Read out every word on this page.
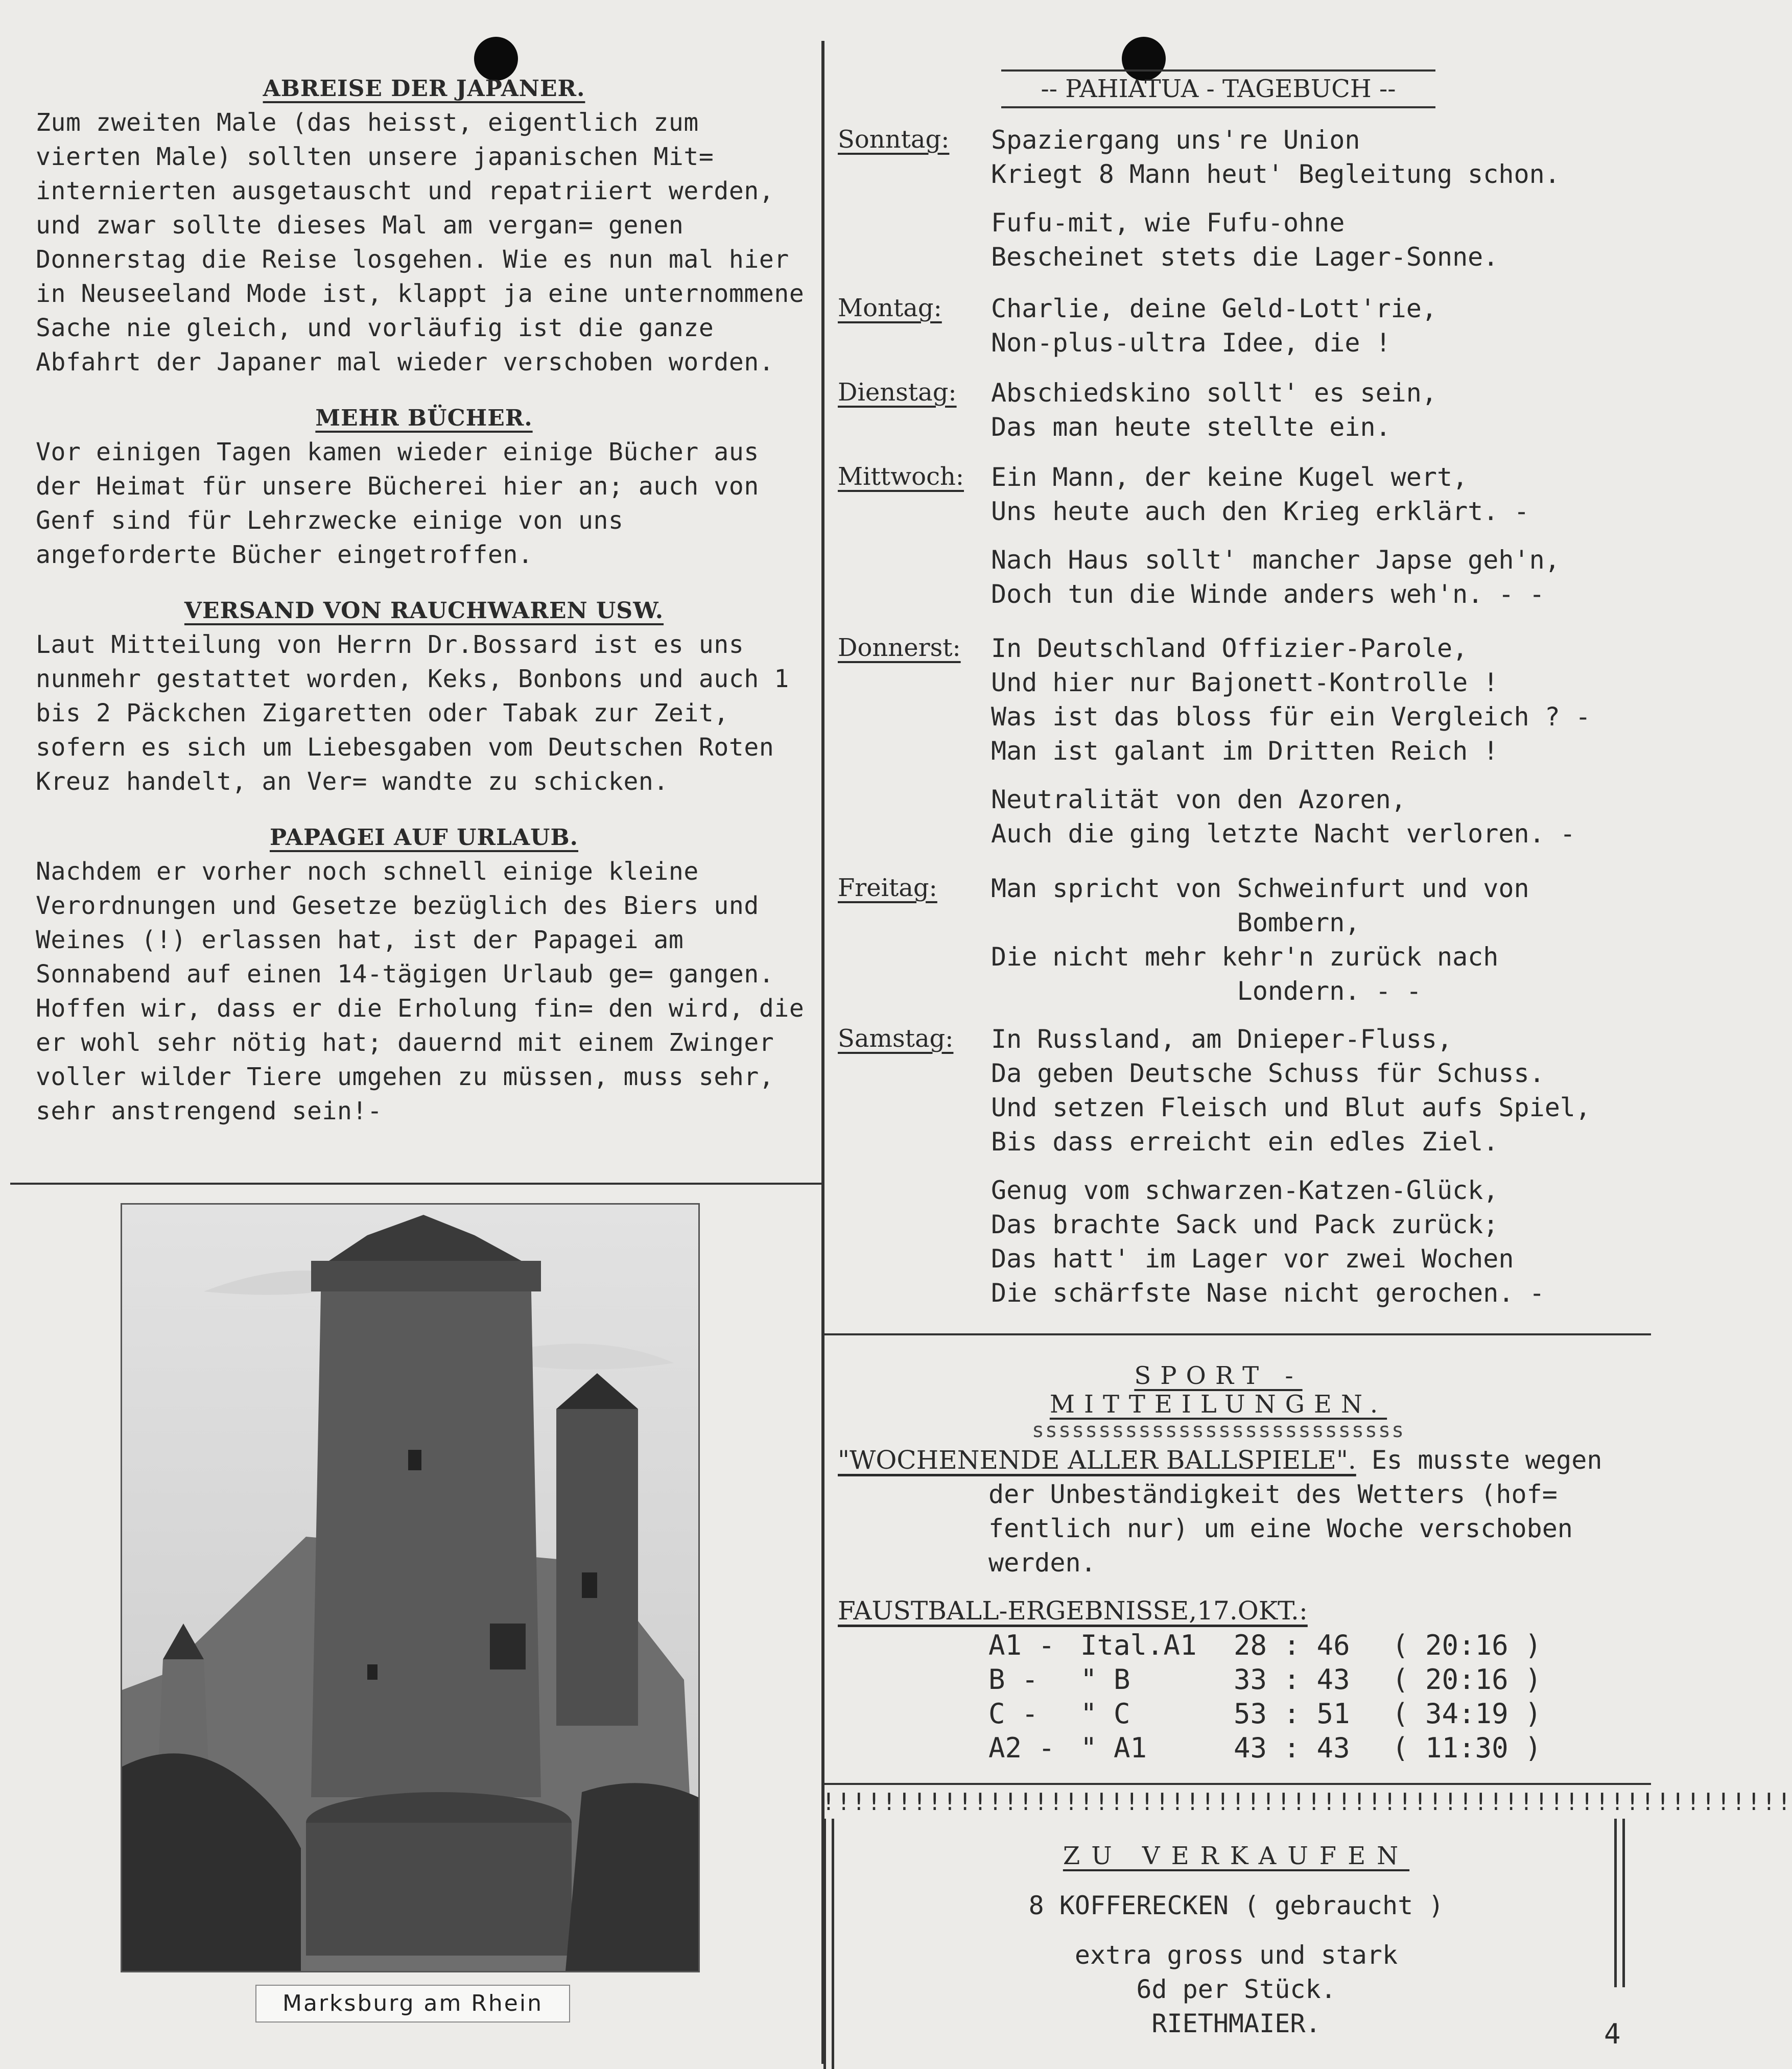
ABREISE DER JAPANER.

Zum zweiten Male (das heisst, eigentlich zum vierten Male) sollten unsere japanischen Mit= internierten ausgetauscht und repatriiert werden, und zwar sollte dieses Mal am vergan= genen Donnerstag die Reise losgehen. Wie es nun mal hier in Neuseeland Mode ist, klappt ja eine unternommene Sache nie gleich, und vorläufig ist die ganze Abfahrt der Japaner mal wieder verschoben worden.

MEHR BÜCHER.

Vor einigen Tagen kamen wieder einige Bücher aus der Heimat für unsere Bücherei hier an; auch von Genf sind für Lehrzwecke einige von uns angeforderte Bücher eingetroffen.

VERSAND VON RAUCHWAREN USW.

Laut Mitteilung von Herrn Dr.Bossard ist es uns nunmehr gestattet worden, Keks, Bonbons und auch 1 bis 2 Päckchen Zigaretten oder Tabak zur Zeit, sofern es sich um Liebesgaben vom Deutschen Roten Kreuz handelt, an Ver= wandte zu schicken.

PAPAGEI AUF URLAUB.

Nachdem er vorher noch schnell einige kleine Verordnungen und Gesetze bezüglich des Biers und Weines (!) erlassen hat, ist der Papagei am Sonnabend auf einen 14-tägigen Urlaub ge= gangen. Hoffen wir, dass er die Erholung fin= den wird, die er wohl sehr nötig hat; dauernd mit einem Zwinger voller wilder Tiere umgehen zu müssen, muss sehr, sehr anstrengend sein!-

Marksburg am Rhein
-- PAHIATUA - TAGEBUCH --
Sonntag: Spaziergang uns're Union
Kriegt 8 Mann heut' Begleitung schon.
Fufu-mit, wie Fufu-ohne
Bescheinet stets die Lager-Sonne.
Montag: Charlie, deine Geld-Lott'rie,
Non-plus-ultra Idee, die !
Dienstag: Abschiedskino sollt' es sein,
Das man heute stellte ein.
Mittwoch: Ein Mann, der keine Kugel wert,
Uns heute auch den Krieg erklärt. -
Nach Haus sollt' mancher Japse geh'n,
Doch tun die Winde anders weh'n. - -
Donnerst: In Deutschland Offizier-Parole,
Und hier nur Bajonett-Kontrolle !
Was ist das bloss für ein Vergleich ? -
Man ist galant im Dritten Reich !
Neutralität von den Azoren,
Auch die ging letzte Nacht verloren. -
Freitag: Man spricht von Schweinfurt und von
Bombern,
Die nicht mehr kehr'n zurück nach
Londern. - -
Samstag: In Russland, am Dnieper-Fluss,
Da geben Deutsche Schuss für Schuss.
Und setzen Fleisch und Blut aufs Spiel,
Bis dass erreicht ein edles Ziel.
Genug vom schwarzen-Katzen-Glück,
Das brachte Sack und Pack zurück;
Das hatt' im Lager vor zwei Wochen
Die schärfste Nase nicht gerochen. -
SPORT - MITTEILUNGEN.
ssssssssssssssssssssssssssss
"WOCHENENDE ALLER BALLSPIELE". Es musste wegen
der Unbeständigkeit des Wetters (hof=
fentlich nur) um eine Woche verschoben
werden.
FAUSTBALL-ERGEBNISSE,17.OKT.:
A1 - Ital.A1	28 : 46	( 20:16 )
B -	" B	33 : 43	( 20:16 )
C -	" C	53 : 51	( 34:19 )
A2 - " A1	43 : 43	( 11:30 )
!!!!!!!!!!!!!!!!!!!!!!!!!!!!!!!!!!!!!!!!!!!!!!!!!!!!!!!!!!!!!!!!
ZU VERKAUFEN
8 KOFFERECKEN ( gebraucht )
extra gross und stark
6d per Stück.
RIETHMAIER.	4
